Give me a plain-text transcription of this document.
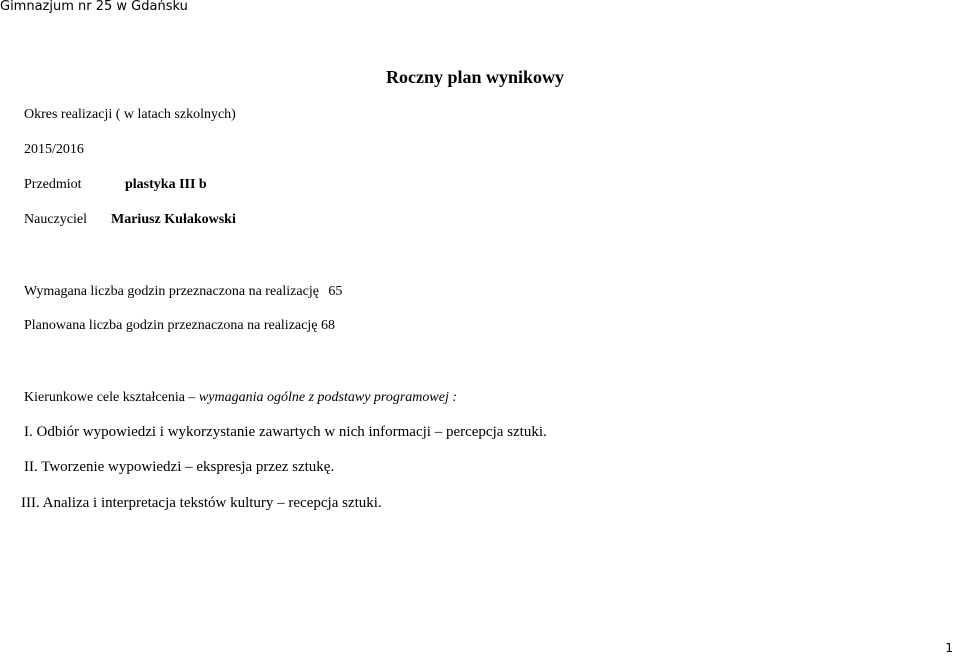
Gimnazjum nr 25 w Gdańsku
Roczny plan wynikowy
Okres realizacji ( w latach szkolnych)
2015/2016
Przedmiot	plastyka III b
Nauczyciel Mariusz Kułakowski
Wymagana liczba godzin przeznaczona na realizację 65
Planowana liczba godzin przeznaczona na realizację 68
Kierunkowe cele kształcenia – wymagania ogólne z podstawy programowej :
I. Odbiór wypowiedzi i wykorzystanie zawartych w nich informacji – percepcja sztuki.
II. Tworzenie wypowiedzi – ekspresja przez sztukę.
III. Analiza i interpretacja tekstów kultury – recepcja sztuki.
1
